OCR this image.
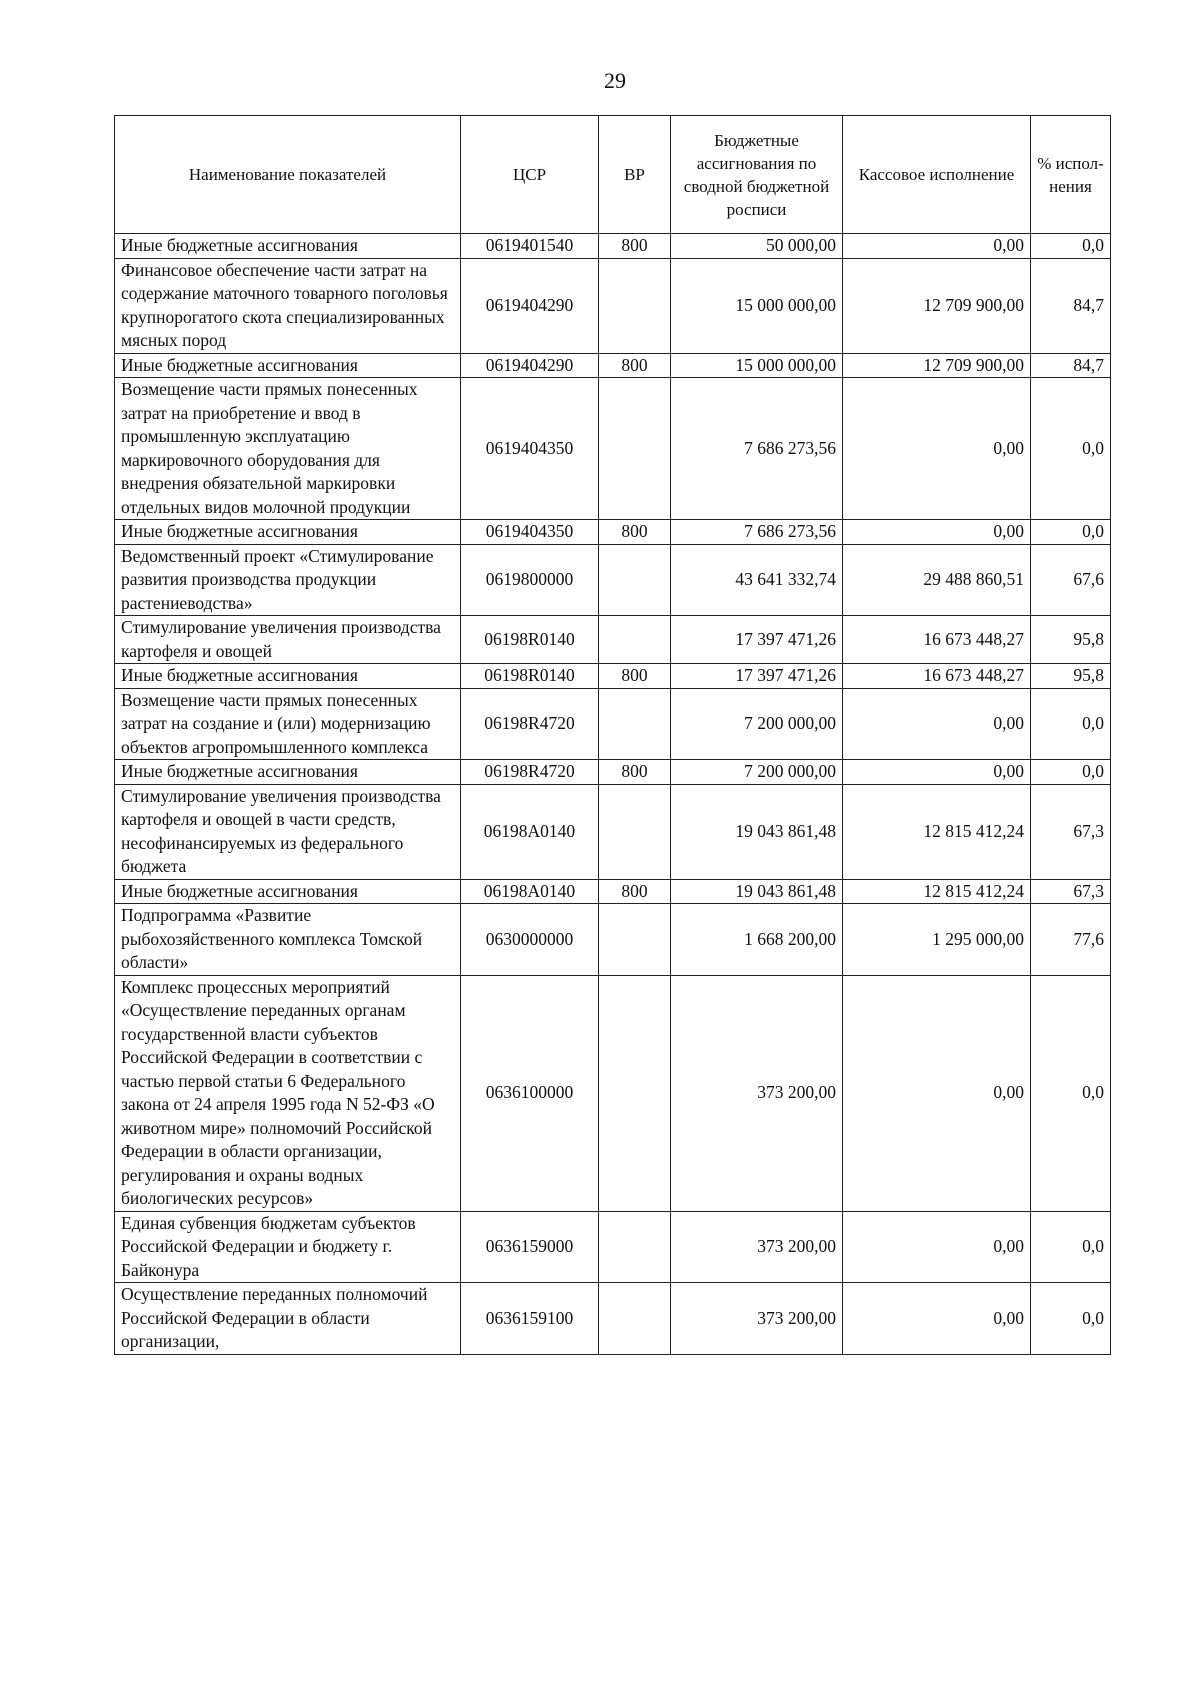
29
Наименование показателей	ЦСР	ВР	Бюджетные ассигнования по сводной бюджетной росписи	Кассовое исполнение	% испол-нения
Иные бюджетные ассигнования	0619401540	800	50 000,00	0,00	0,0
Финансовое обеспечение части затрат на содержание маточного товарного поголовья крупнорогатого скота специализированных мясных пород	0619404290		15 000 000,00	12 709 900,00	84,7
Иные бюджетные ассигнования	0619404290	800	15 000 000,00	12 709 900,00	84,7
Возмещение части прямых понесенных затрат на приобретение и ввод в промышленную эксплуатацию маркировочного оборудования для внедрения обязательной маркировки отдельных видов молочной продукции	0619404350		7 686 273,56	0,00	0,0
Иные бюджетные ассигнования	0619404350	800	7 686 273,56	0,00	0,0
Ведомственный проект «Стимулирование развития производства продукции растениеводства»	0619800000		43 641 332,74	29 488 860,51	67,6
Стимулирование увеличения производства картофеля и овощей	06198R0140		17 397 471,26	16 673 448,27	95,8
Иные бюджетные ассигнования	06198R0140	800	17 397 471,26	16 673 448,27	95,8
Возмещение части прямых понесенных затрат на создание и (или) модернизацию объектов агропромышленного комплекса	06198R4720		7 200 000,00	0,00	0,0
Иные бюджетные ассигнования	06198R4720	800	7 200 000,00	0,00	0,0
Стимулирование увеличения производства картофеля и овощей в части средств, несофинансируемых из федерального бюджета	06198A0140		19 043 861,48	12 815 412,24	67,3
Иные бюджетные ассигнования	06198A0140	800	19 043 861,48	12 815 412,24	67,3
Подпрограмма «Развитие рыбохозяйственного комплекса Томской области»	0630000000		1 668 200,00	1 295 000,00	77,6
Комплекс процессных мероприятий «Осуществление переданных органам государственной власти субъектов Российской Федерации в соответствии с частью первой статьи 6 Федерального закона от 24 апреля 1995 года N 52-ФЗ «О животном мире» полномочий Российской Федерации в области организации, регулирования и охраны водных биологических ресурсов»	0636100000		373 200,00	0,00	0,0
Единая субвенция бюджетам субъектов Российской Федерации и бюджету г. Байконура	0636159000		373 200,00	0,00	0,0
Осуществление переданных полномочий Российской Федерации в области организации,	0636159100		373 200,00	0,00	0,0
